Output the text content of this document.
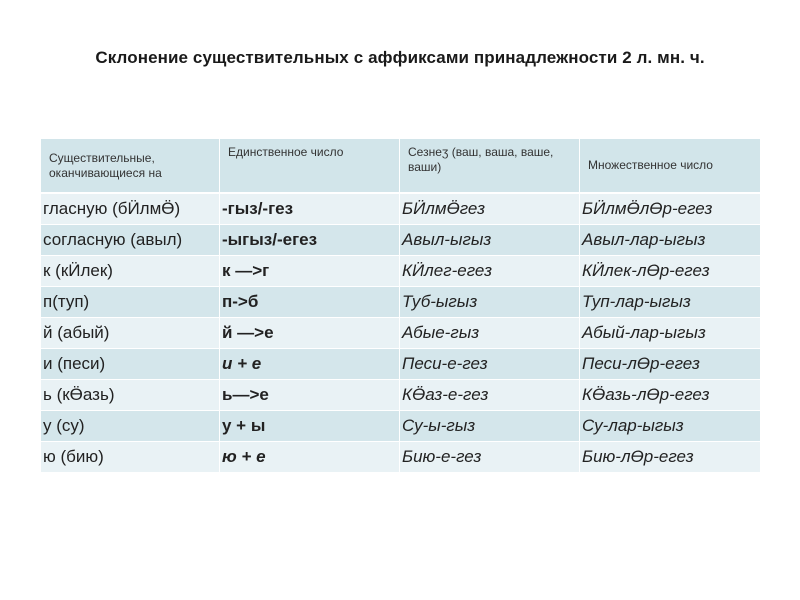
Склонение существительных с аффиксами принадлежности 2 л. мн. ч.
Существительные, оканчивающиеся на	Единственное число	Сезнеӡ (ваш, ваша, ваше, ваши)	Множественное число
гласную (бӤлмӪ)	-гыз/-гез	БӤлмӪгез	БӤлмӪлӨр-егез
согласную (авыл)	-ыгыз/-егез	Авыл-ыгыз	Авыл-лар-ыгыз
к (кӤлек)	к —>г	КӤлег-егез	КӤлек-лӨр-егез
п(туп)	п->б	Туб-ыгыз	Туп-лар-ыгыз
й (абый)	й —>е	Абые-гыз	Абый-лар-ыгыз
и (песи)	и + е	Песи-е-гез	Песи-лӨр-егез
ь (кӪазь)	ь—>е	КӪаз-е-гез	КӪазь-лӨр-егез
у (су)	у + ы	Су-ы-гыз	Су-лар-ыгыз
ю (бию)	ю + е	Бию-е-гез	Бию-лӨр-егез
